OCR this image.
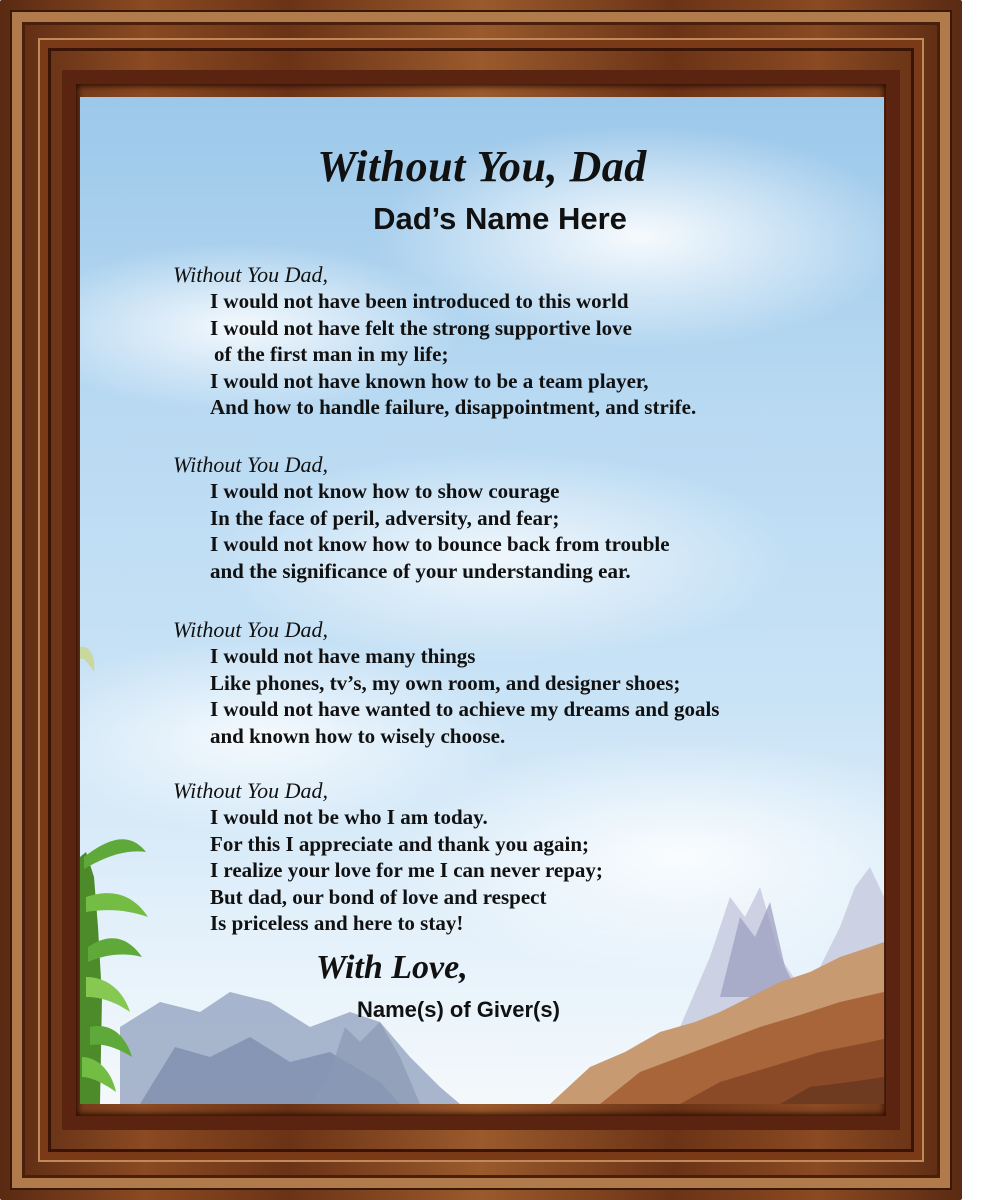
Without You, Dad
Dad’s Name Here
Without You Dad,
I would not have been introduced to this world
I would not have felt the strong supportive love
of the first man in my life;
I would not have known how to be a team player,
And how to handle failure, disappointment, and strife.
Without You Dad,
I would not know how to show courage
In the face of peril, adversity, and fear;
I would not know how to bounce back from trouble
and the significance of your understanding ear.
Without You Dad,
I would not have many things
Like phones, tv’s, my own room, and designer shoes;
I would not have wanted to achieve my dreams and goals
and known how to wisely choose.
Without You Dad,
I would not be who I am today.
For this I appreciate and thank you again;
I realize your love for me I can never repay;
But dad, our bond of love and respect
Is priceless and here to stay!
With Love,
Name(s) of Giver(s)
